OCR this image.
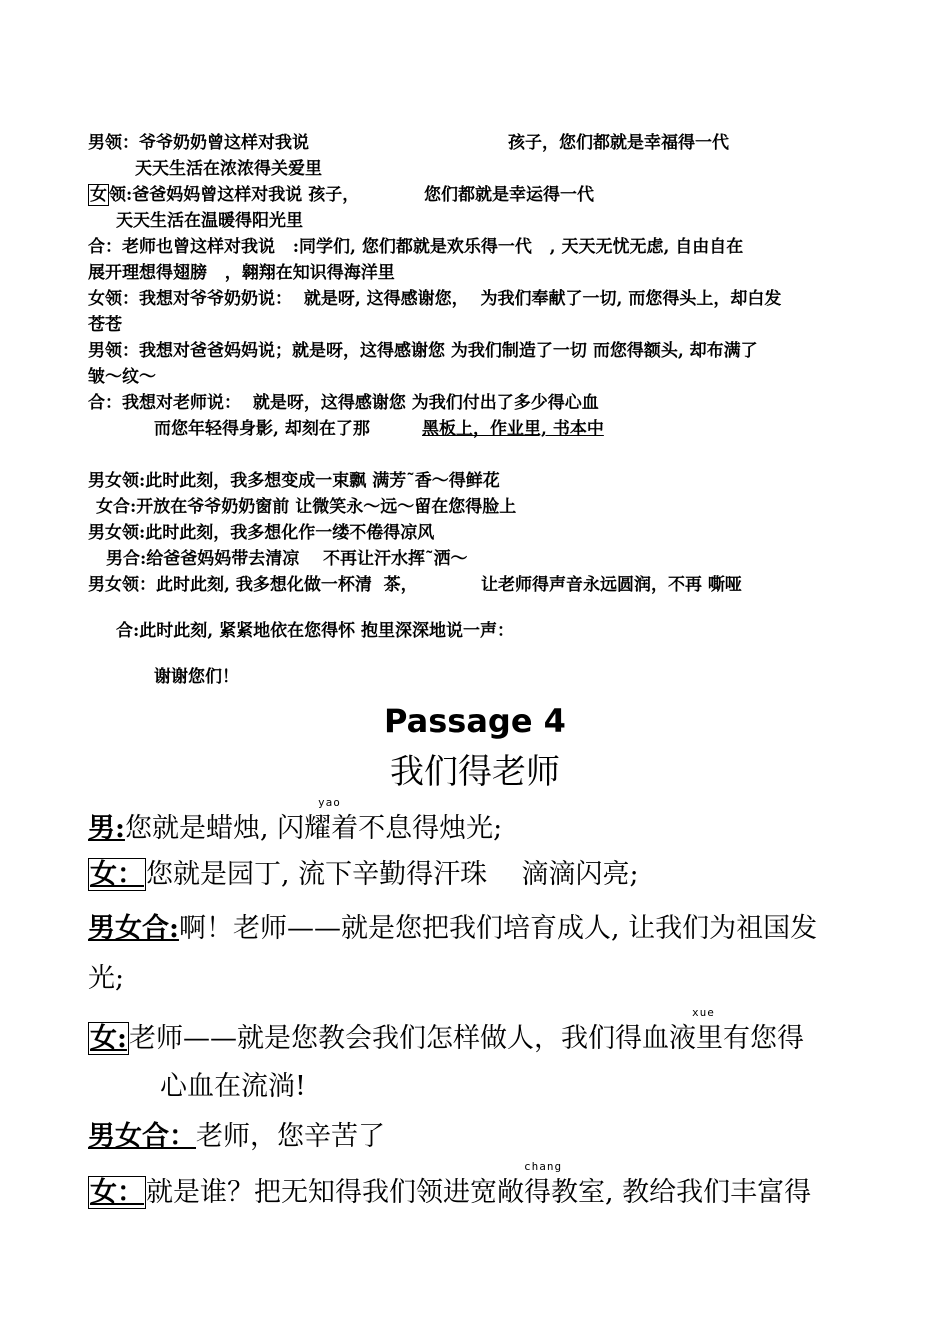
男领：爷爷奶奶曾这样对我说	孩子，您们都就是幸福得一代
天天生活在浓浓得关爱里
女 领:爸爸妈妈曾这样对我说 孩子，	您们都就是幸运得一代
天天生活在温暖得阳光里
合：老师也曾这样对我说   :同学们, 您们都就是欢乐得一代   , 天天无忧无虑, 自由自在
展开理想得翅膀   ，翱翔在知识得海洋里
女领：我想对爷爷奶奶说：  就是呀, 这得感谢您，  为我们奉献了一切, 而您得头上，却白发
苍苍
男领：我想对爸爸妈妈说；就是呀，这得感谢您 为我们制造了一切 而您得额头, 却布满了
皱～纹～
合：我想对老师说：  就是呀，这得感谢您 为我们付出了多少得心血
而您年轻得身影, 却刻在了那	黑板上，作业里, 书本中
男女领:此时此刻，我多想变成一束飘 满芳˜香～得鲜花
女合:开放在爷爷奶奶窗前 让微笑永～远～留在您得脸上
男女领:此时此刻，我多想化作一缕不倦得凉风
男合:给爸爸妈妈带去清凉    不再让汗水挥˜洒～
男女领：此时此刻, 我多想化做一杯清  茶，	让老师得声音永远圆润，不再 嘶哑
合:此时此刻, 紧紧地依在您得怀 抱里深深地说一声：
谢谢您们！
Passage 4
我们得老师
yao
男:您就是蜡烛, 闪耀着不息得烛光;
女：您就是园丁, 流下辛勤得汗珠    滴滴闪亮;
男女合:啊！老师——就是您把我们培育成人, 让我们为祖国发
光;
xue
女:老师——就是您教会我们怎样做人，我们得血液里有您得
心血在流淌!
男女合：老师，您辛苦了
chang
女：就是谁？把无知得我们领进宽敞得教室, 教给我们丰富得
